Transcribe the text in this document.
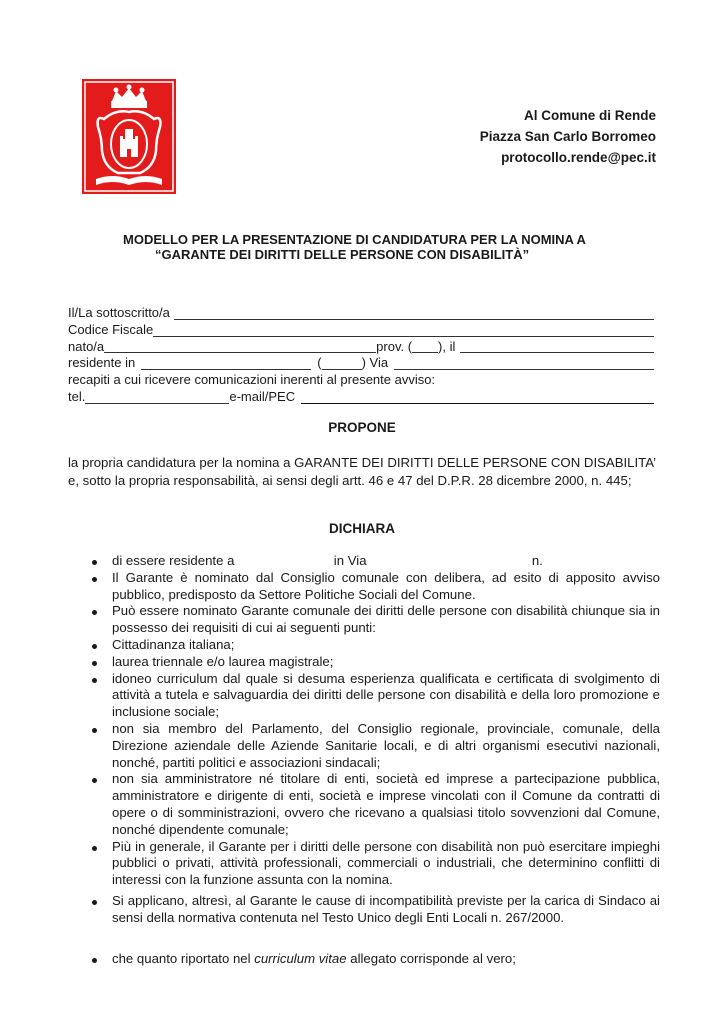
Al Comune di Rende
Piazza San Carlo Borromeo
protocollo.rende@pec.it
MODELLO PER LA PRESENTAZIONE DI CANDIDATURA PER LA NOMINA A
“GARANTE DEI DIRITTI DELLE PERSONE CON DISABILITÀ”
Il/La sottoscritto/a
Codice Fiscale
nato/a	prov. ( ), il
residente in	(	) Via
recapiti a cui ricevere comunicazioni inerenti al presente avviso:
tel.	e-mail/PEC
PROPONE
la propria candidatura per la nomina a GARANTE DEI DIRITTI DELLE PERSONE CON DISABILITA’ e, sotto la propria responsabilità, ai sensi degli artt. 46 e 47 del D.P.R. 28 dicembre 2000, n. 445;
DICHIARA
di essere residente a	in Via	n.
Il Garante è nominato dal Consiglio comunale con delibera, ad esito di apposito avviso pubblico, predisposto da Settore Politiche Sociali del Comune.
Può essere nominato Garante comunale dei diritti delle persone con disabilità chiunque sia in possesso dei requisiti di cui ai seguenti punti:
Cittadinanza italiana;
laurea triennale e/o laurea magistrale;
idoneo curriculum dal quale si desuma esperienza qualificata e certificata di svolgimento di attività a tutela e salvaguardia dei diritti delle persone con disabilità e della loro promozione e inclusione sociale;
non sia membro del Parlamento, del Consiglio regionale, provinciale, comunale, della Direzione aziendale delle Aziende Sanitarie locali, e di altri organismi esecutivi nazionali, nonché, partiti politici e associazioni sindacali;
non sia amministratore né titolare di enti, società ed imprese a partecipazione pubblica, amministratore e dirigente di enti, società e imprese vincolati con il Comune da contratti di opere o di somministrazioni, ovvero che ricevano a qualsiasi titolo sovvenzioni dal Comune, nonché dipendente comunale;
Più in generale, il Garante per i diritti delle persone con disabilità non può esercitare impieghi pubblici o privati, attività professionali, commerciali o industriali, che determinino conflitti di interessi con la funzione assunta con la nomina.
Si applicano, altresì, al Garante le cause di incompatibilità previste per la carica di Sindaco ai sensi della normativa contenuta nel Testo Unico degli Enti Locali n. 267/2000.
che quanto riportato nel curriculum vitae allegato corrisponde al vero;
